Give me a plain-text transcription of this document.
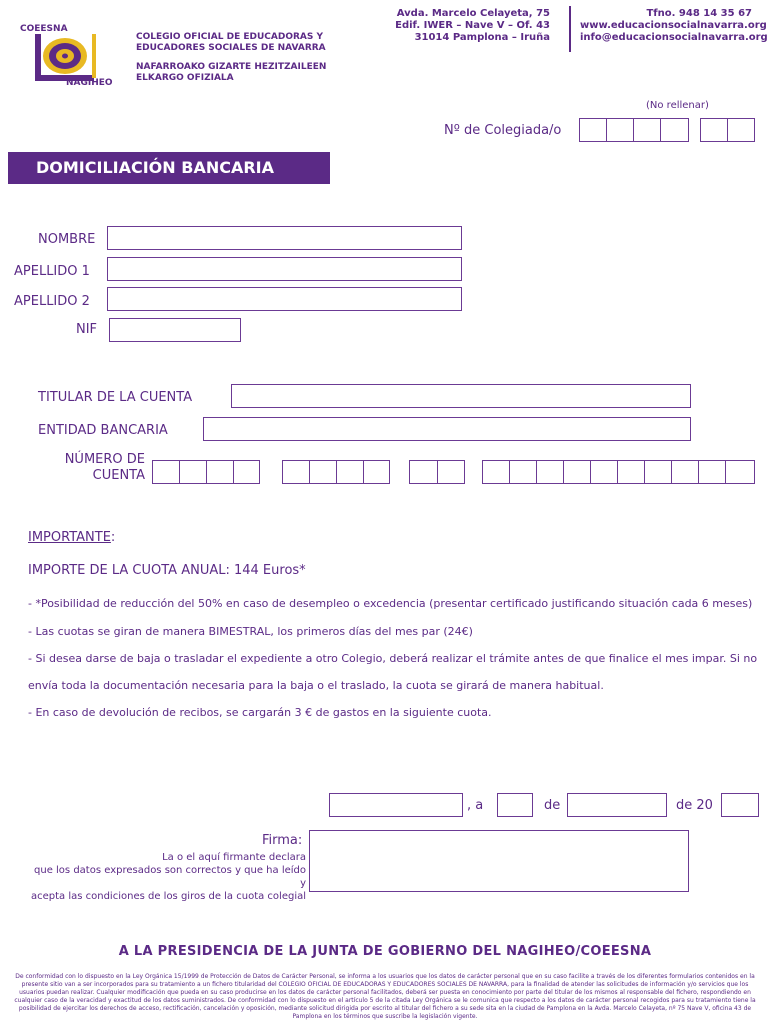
COEESNA
NAGIHEO
COLEGIO OFICIAL DE EDUCADORAS Y
EDUCADORES SOCIALES DE NAVARRA
NAFARROAKO GIZARTE HEZITZAILEEN
ELKARGO OFIZIALA
Avda. Marcelo Celayeta, 75
Edif. IWER – Nave V – Of. 43
31014 Pamplona – Iruña
Tfno. 948 14 35 67
www.educacionsocialnavarra.org
info@educacionsocialnavarra.org
(No rellenar)
Nº de Colegiada/o
DOMICILIACIÓN BANCARIA
NOMBRE
APELLIDO 1
APELLIDO 2
NIF
TITULAR DE LA CUENTA
ENTIDAD BANCARIA
NÚMERO DE
CUENTA
IMPORTANTE:
IMPORTE DE LA CUOTA ANUAL: 144 Euros*
- *Posibilidad de reducción del 50% en caso de desempleo o excedencia (presentar certificado justificando situación cada 6 meses)
- Las cuotas se giran de manera BIMESTRAL, los primeros días del mes par (24€)
- Si desea darse de baja o trasladar el expediente a otro Colegio, deberá realizar el trámite antes de que finalice el mes impar. Si no
envía toda la documentación necesaria para la baja o el traslado, la cuota se girará de manera habitual.
- En caso de devolución de recibos, se cargarán 3 € de gastos en la siguiente cuota.
, a	de	de 20
Firma:
La o el aquí firmante declara
que los datos expresados son correctos y que ha leído y
acepta las condiciones de los giros de la cuota colegial
A LA PRESIDENCIA DE LA JUNTA DE GOBIERNO DEL NAGIHEO/COEESNA
De conformidad con lo dispuesto en la Ley Orgánica 15/1999 de Protección de Datos de Carácter Personal, se informa a los usuarios que los datos de carácter personal que en su caso facilite a través de los diferentes formularios contenidos en la
presente sitio van a ser incorporados para su tratamiento a un fichero titularidad del COLEGIO OFICIAL DE EDUCADORAS Y EDUCADORES SOCIALES DE NAVARRA, para la finalidad de atender las solicitudes de información y/o servicios que los
usuarios puedan realizar. Cualquier modificación que pueda en su caso producirse en los datos de carácter personal facilitados, deberá ser puesta en conocimiento por parte del titular de los mismos al responsable del fichero, respondiendo en
cualquier caso de la veracidad y exactitud de los datos suministrados. De conformidad con lo dispuesto en el artículo 5 de la citada Ley Orgánica se le comunica que respecto a los datos de carácter personal recogidos para su tratamiento tiene la
posibilidad de ejercitar los derechos de acceso, rectificación, cancelación y oposición, mediante solicitud dirigida por escrito al titular del fichero a su sede sita en la ciudad de Pamplona en la Avda. Marcelo Celayeta, nº 75 Nave V, oficina 43 de
Pamplona en los términos que suscribe la legislación vigente.
